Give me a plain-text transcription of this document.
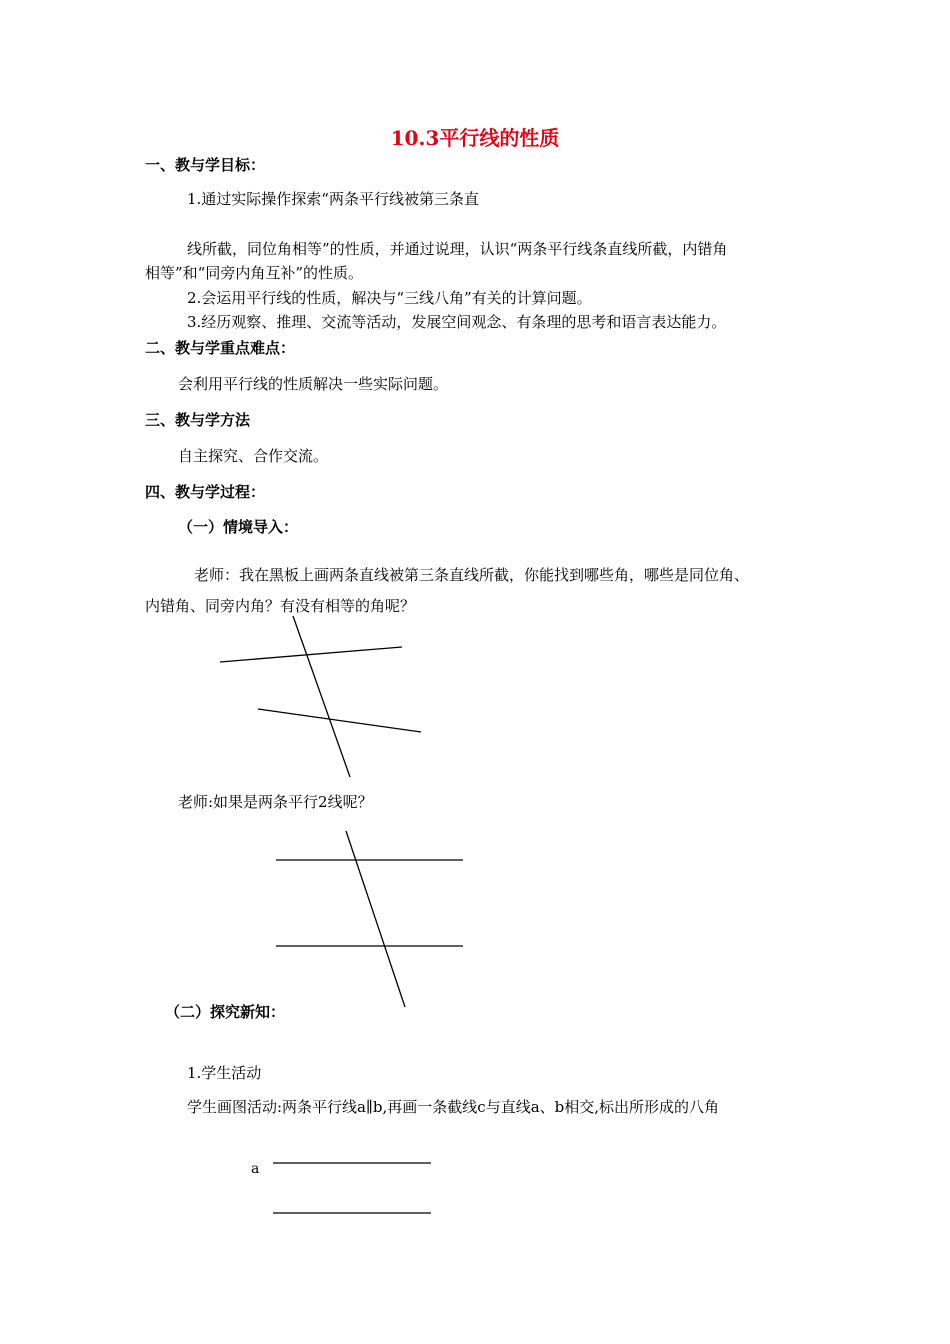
10.3平行线的性质
一、教与学目标：
1.通过实际操作探索“两条平行线被第三条直
线所截，同位角相等”的性质，并通过说理，认识“两条平行线条直线所截，内错角
相等”和“同旁内角互补”的性质。
2.会运用平行线的性质，解决与“三线八角”有关的计算问题。
3.经历观察、推理、交流等活动，发展空间观念、有条理的思考和语言表达能力。
二、教与学重点难点：
会利用平行线的性质解决一些实际问题。
三、教与学方法
自主探究、合作交流。
四、教与学过程：
（一）情境导入：
老师：我在黑板上画两条直线被第三条直线所截，你能找到哪些角，哪些是同位角、
内错角、同旁内角？有没有相等的角呢？
老师:如果是两条平行2线呢？
（二）探究新知：
1.学生活动
学生画图活动:两条平行线a∥b,再画一条截线c与直线a、b相交,标出所形成的八角
a
